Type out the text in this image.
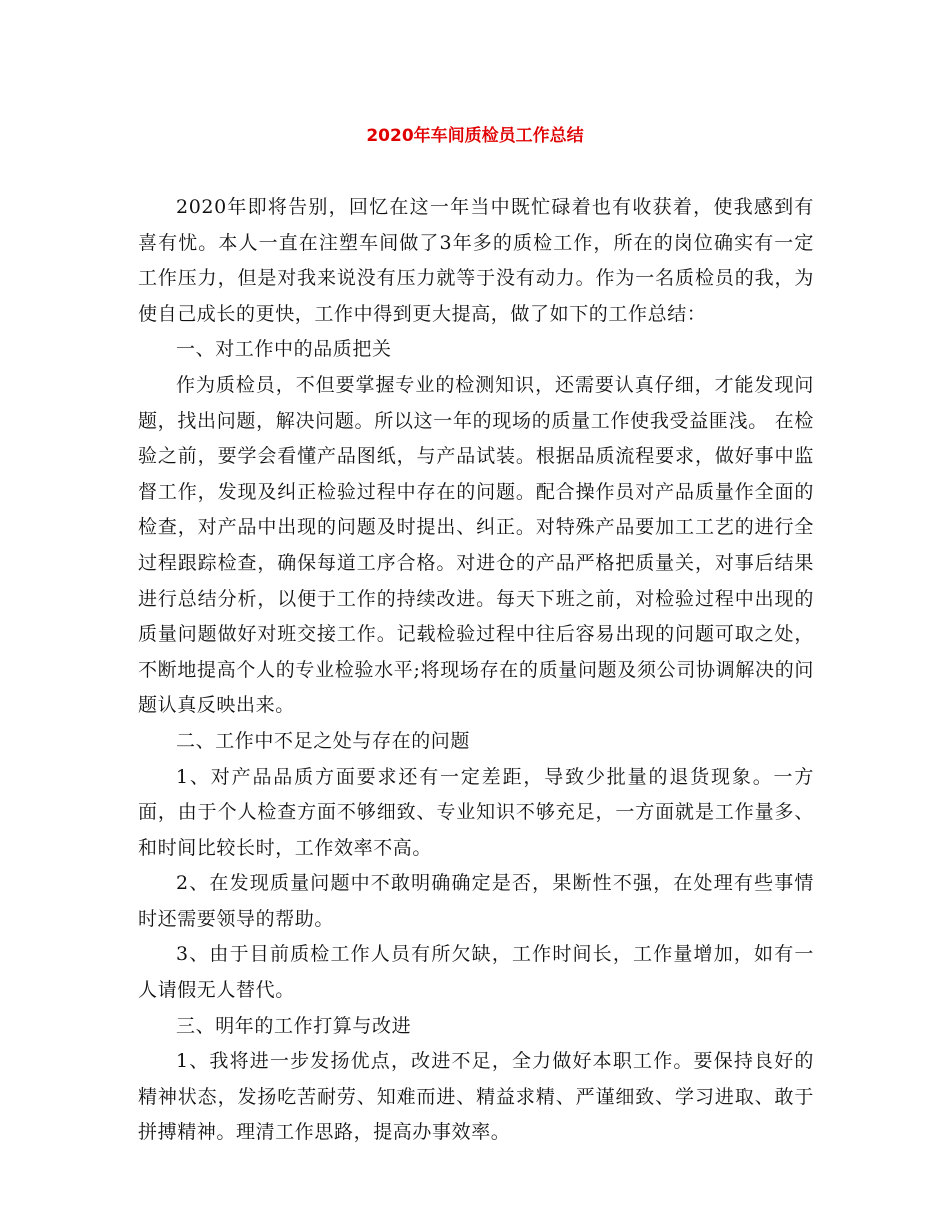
2020年车间质检员工作总结

2020年即将告别，回忆在这一年当中既忙碌着也有收获着，使我感到有喜有忧。本人一直在注塑车间做了3年多的质检工作，所在的岗位确实有一定工作压力，但是对我来说没有压力就等于没有动力。作为一名质检员的我，为使自己成长的更快，工作中得到更大提高，做了如下的工作总结：

一、对工作中的品质把关

作为质检员，不但要掌握专业的检测知识，还需要认真仔细，才能发现问题，找出问题，解决问题。所以这一年的现场的质量工作使我受益匪浅。 在检验之前，要学会看懂产品图纸，与产品试装。根据品质流程要求，做好事中监督工作，发现及纠正检验过程中存在的问题。配合操作员对产品质量作全面的检查，对产品中出现的问题及时提出、纠正。对特殊产品要加工工艺的进行全过程跟踪检查，确保每道工序合格。对进仓的产品严格把质量关，对事后结果进行总结分析，以便于工作的持续改进。每天下班之前，对检验过程中出现的质量问题做好对班交接工作。记载检验过程中往后容易出现的问题可取之处，不断地提高个人的专业检验水平;将现场存在的质量问题及须公司协调解决的问题认真反映出来。

二、工作中不足之处与存在的问题

1、对产品品质方面要求还有一定差距，导致少批量的退货现象。一方面，由于个人检查方面不够细致、专业知识不够充足，一方面就是工作量多、和时间比较长时，工作效率不高。

2、在发现质量问题中不敢明确确定是否，果断性不强，在处理有些事情时还需要领导的帮助。

3、由于目前质检工作人员有所欠缺，工作时间长，工作量增加，如有一人请假无人替代。

三、明年的工作打算与改进

1、我将进一步发扬优点，改进不足，全力做好本职工作。要保持良好的精神状态，发扬吃苦耐劳、知难而进、精益求精、严谨细致、学习进取、敢于拼搏精神。理清工作思路，提高办事效率。
